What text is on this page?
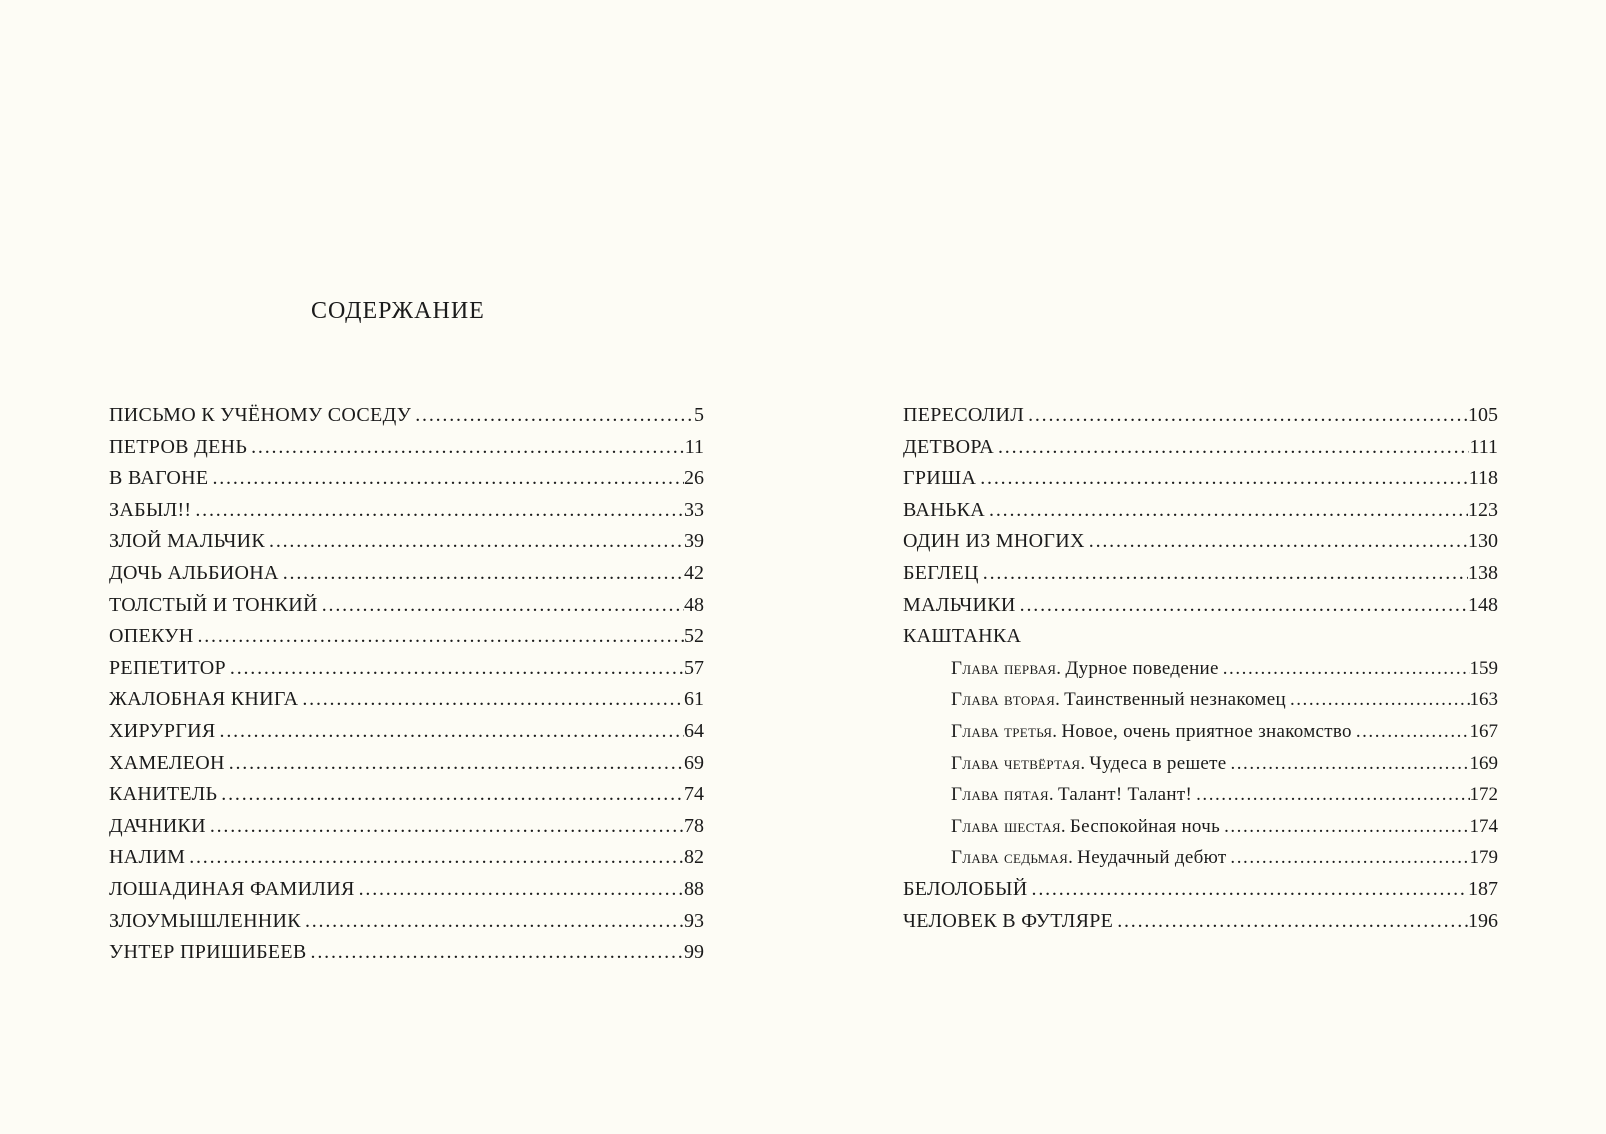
СОДЕРЖАНИЕ
ПИСЬМО К УЧЁНОМУ СОСЕДУ . . .	5
ПЕТРОВ ДЕНЬ . . .	11
В ВАГОНЕ . . .	26
ЗАБЫЛ!! . . .	33
ЗЛОЙ МАЛЬЧИК . . .	39
ДОЧЬ АЛЬБИОНА . . .	42
ТОЛСТЫЙ И ТОНКИЙ . . .	48
ОПЕКУН . . .	52
РЕПЕТИТОР . . .	57
ЖАЛОБНАЯ КНИГА . . .	61
ХИРУРГИЯ . . .	64
ХАМЕЛЕОН . . .	69
КАНИТЕЛЬ . . .	74
ДАЧНИКИ . . .	78
НАЛИМ . . .	82
ЛОШАДИНАЯ ФАМИЛИЯ . . .	88
ЗЛОУМЫШЛЕННИК . . .	93
УНТЕР ПРИШИБЕЕВ . . .	99
ПЕРЕСОЛИЛ . . .	105
ДЕТВОРА . . .	111
ГРИША . . .	118
ВАНЬКА . . .	123
ОДИН ИЗ МНОГИХ . . .	130
БЕГЛЕЦ . . .	138
МАЛЬЧИКИ . . .	148
КАШТАНКА
Глава первая. Дурное поведение . . .	159
Глава вторая. Таинственный незнакомец . . .	163
Глава третья. Новое, очень приятное знакомство . . .	167
Глава четвёртая. Чудеса в решете . . .	169
Глава пятая. Талант! Талант! . . .	172
Глава шестая. Беспокойная ночь . . .	174
Глава седьмая. Неудачный дебют . . .	179
БЕЛОЛОБЫЙ . . .	187
ЧЕЛОВЕК В ФУТЛЯРЕ . . .	196
